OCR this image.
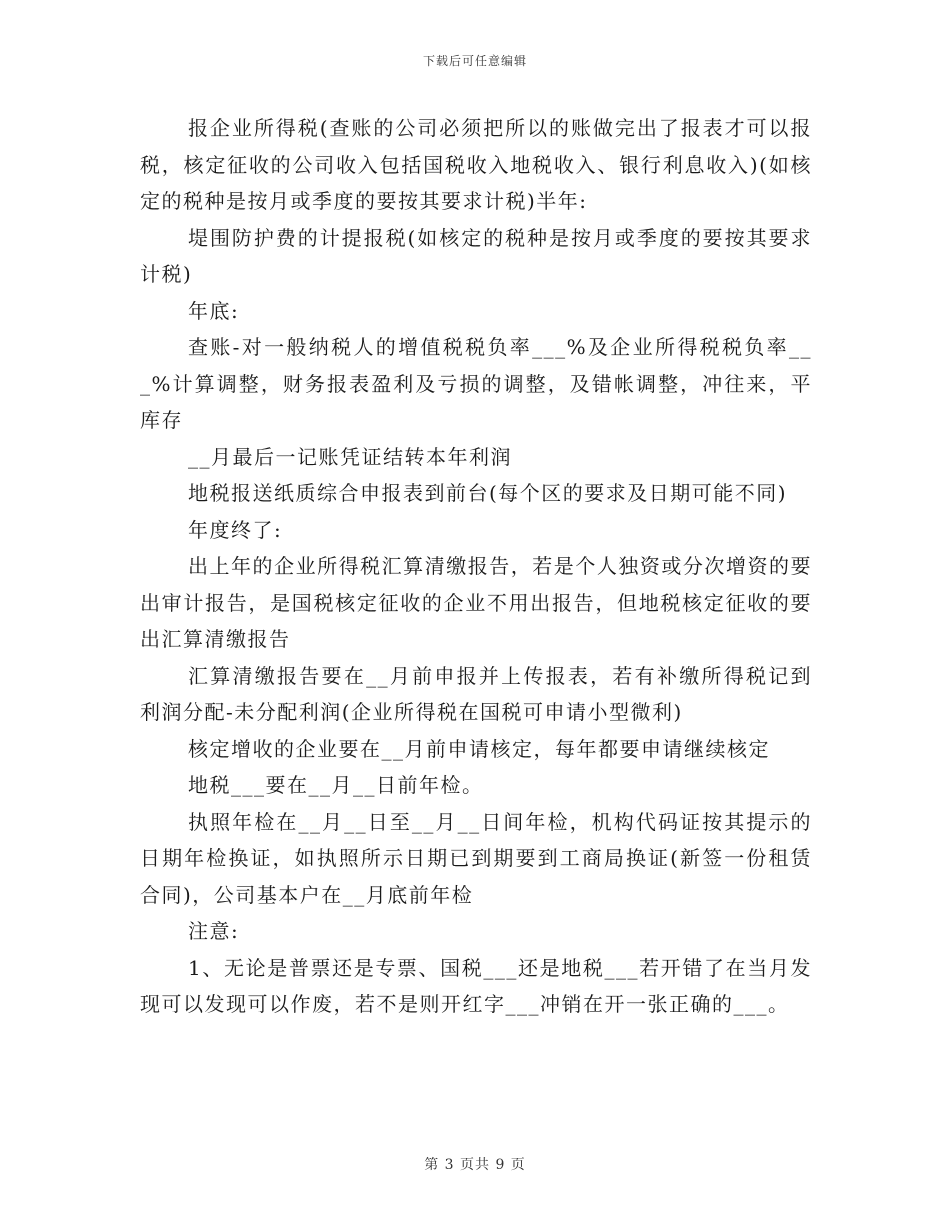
下载后可任意编辑

报企业所得税(查账的公司必须把所以的账做完出了报表才可以报税，核定征收的公司收入包括国税收入地税收入、银行利息收入)(如核定的税种是按月或季度的要按其要求计税)半年:

堤围防护费的计提报税(如核定的税种是按月或季度的要按其要求计税)

年底:

查账-对一般纳税人的增值税税负率___%及企业所得税税负率___%计算调整，财务报表盈利及亏损的调整，及错帐调整，冲往来，平库存

__月最后一记账凭证结转本年利润

地税报送纸质综合申报表到前台(每个区的要求及日期可能不同)

年度终了:

出上年的企业所得税汇算清缴报告，若是个人独资或分次增资的要出审计报告，是国税核定征收的企业不用出报告，但地税核定征收的要出汇算清缴报告

汇算清缴报告要在__月前申报并上传报表，若有补缴所得税记到利润分配-未分配利润(企业所得税在国税可申请小型微利)

核定增收的企业要在__月前申请核定，每年都要申请继续核定

地税___要在__月__日前年检。

执照年检在__月__日至__月__日间年检，机构代码证按其提示的日期年检换证，如执照所示日期已到期要到工商局换证(新签一份租赁合同)，公司基本户在__月底前年检

注意:

1、无论是普票还是专票、国税___还是地税___若开错了在当月发现可以发现可以作废，若不是则开红字___冲销在开一张正确的___。

第 3 页共 9 页
